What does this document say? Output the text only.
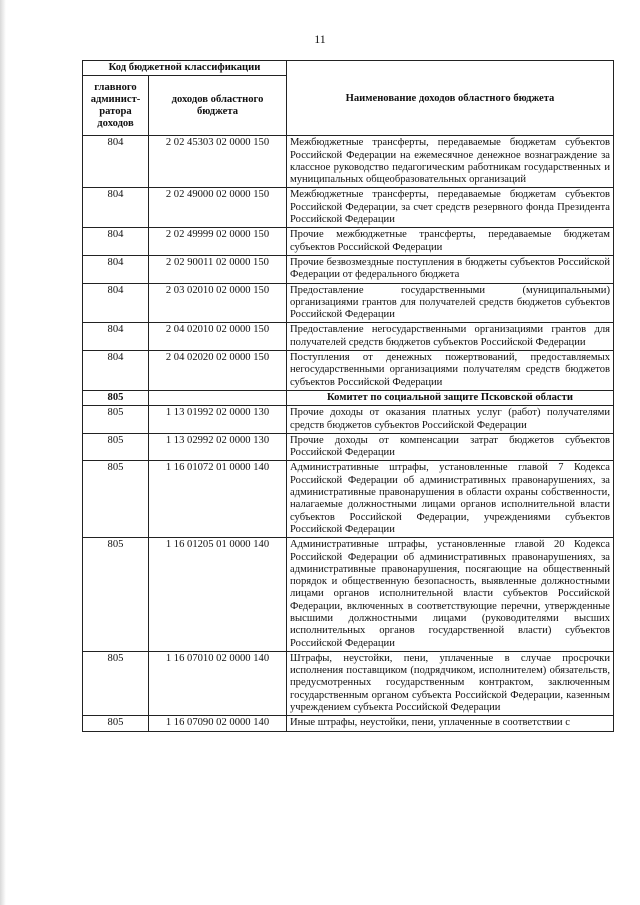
11
Код бюджетной классификации		Наименование доходов областного бюджета
главного админист-ратора доходов	доходов областного бюджета	
804	2 02 45303 02 0000 150	Межбюджетные трансферты, передаваемые бюджетам субъектов Российской Федерации на ежемесячное денежное вознаграждение за классное руководство педагогическим работникам государственных и муниципальных общеобразовательных организаций
804	2 02 49000 02 0000 150	Межбюджетные трансферты, передаваемые бюджетам субъектов Российской Федерации, за счет средств резервного фонда Президента Российской Федерации
804	2 02 49999 02 0000 150	Прочие межбюджетные трансферты, передаваемые бюджетам субъектов Российской Федерации
804	2 02 90011 02 0000 150	Прочие безвозмездные поступления в бюджеты субъектов Российской Федерации от федерального бюджета
804	2 03 02010 02 0000 150	Предоставление государственными (муниципальными) организациями грантов для получателей средств бюджетов субъектов Российской Федерации
804	2 04 02010 02 0000 150	Предоставление негосударственными организациями грантов для получателей средств бюджетов субъектов Российской Федерации
804	2 04 02020 02 0000 150	Поступления от денежных пожертвований, предоставляемых негосударственными организациями получателям средств бюджетов субъектов Российской Федерации
805		Комитет по социальной защите Псковской области
805	1 13 01992 02 0000 130	Прочие доходы от оказания платных услуг (работ) получателями средств бюджетов субъектов Российской Федерации
805	1 13 02992 02 0000 130	Прочие доходы от компенсации затрат бюджетов субъектов Российской Федерации
805	1 16 01072 01 0000 140	Административные штрафы, установленные главой 7 Кодекса Российской Федерации об административных правонарушениях, за административные правонарушения в области охраны собственности, налагаемые должностными лицами органов исполнительной власти субъектов Российской Федерации, учреждениями субъектов Российской Федерации
805	1 16 01205 01 0000 140	Административные штрафы, установленные главой 20 Кодекса Российской Федерации об административных правонарушениях, за административные правонарушения, посягающие на общественный порядок и общественную безопасность, выявленные должностными лицами органов исполнительной власти субъектов Российской Федерации, включенных в соответствующие перечни, утвержденные высшими должностными лицами (руководителями высших исполнительных органов государственной власти) субъектов Российской Федерации
805	1 16 07010 02 0000 140	Штрафы, неустойки, пени, уплаченные в случае просрочки исполнения поставщиком (подрядчиком, исполнителем) обязательств, предусмотренных государственным контрактом, заключенным государственным органом субъекта Российской Федерации, казенным учреждением субъекта Российской Федерации
805	1 16 07090 02 0000 140	Иные штрафы, неустойки, пени, уплаченные в соответствии с
